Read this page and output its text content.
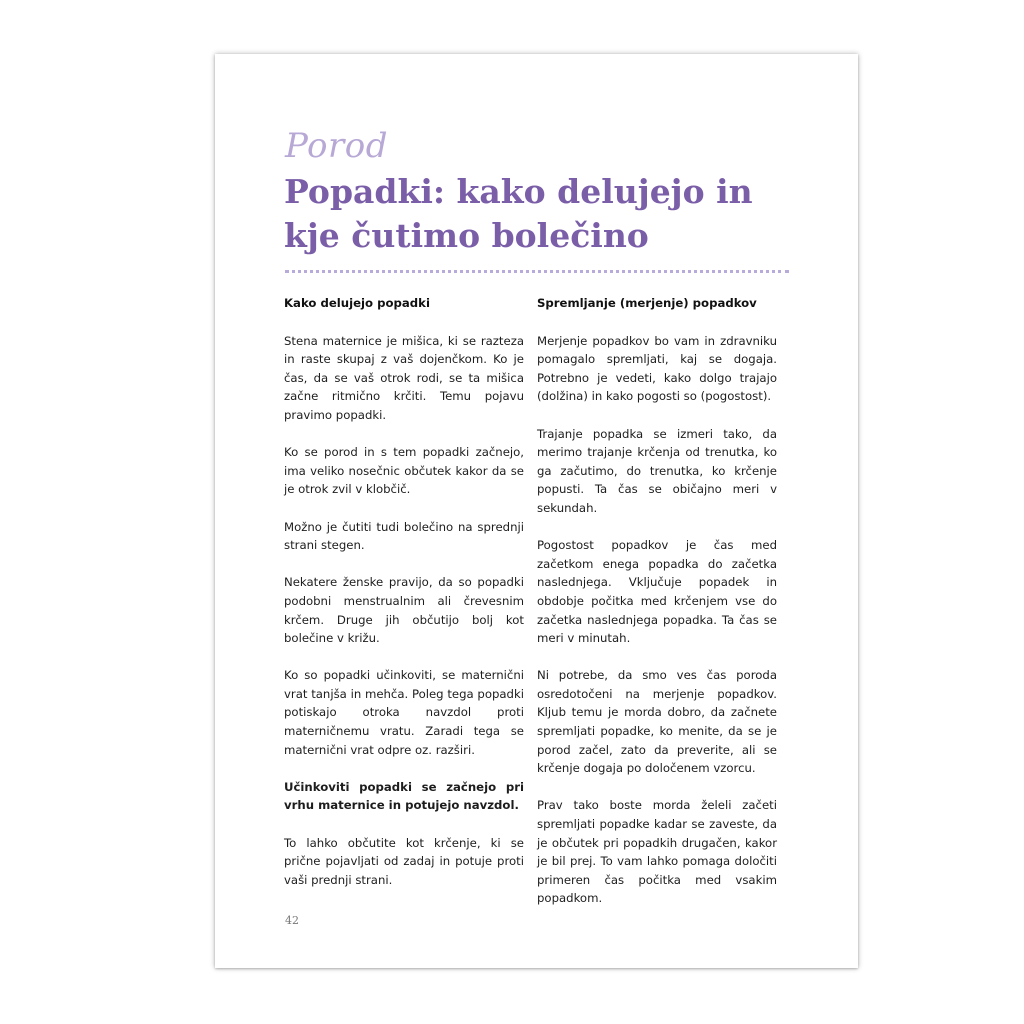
Porod
Popadki: kako delujejo in
kje čutimo bolečino
Kako delujejo popadki

Stena maternice je mišica, ki se razteza in raste skupaj z vaš dojenčkom. Ko je čas, da se vaš otrok rodi, se ta mišica začne ritmično krčiti. Temu pojavu pravimo popadki.

Ko se porod in s tem popadki začnejo, ima veliko nosečnic občutek kakor da se je otrok zvil v klobčič.

Možno je čutiti tudi bolečino na sprednji strani stegen.

Nekatere ženske pravijo, da so popadki podobni menstrualnim ali črevesnim krčem. Druge jih občutijo bolj kot bolečine v križu.

Ko so popadki učinkoviti, se maternični vrat tanjša in mehča. Poleg tega popadki potiskajo otroka navzdol proti materničnemu vratu. Zaradi tega se maternični vrat odpre oz. razširi.

Učinkoviti popadki se začnejo pri vrhu maternice in potujejo navzdol.

To lahko občutite kot krčenje, ki se prične pojavljati od zadaj in potuje proti vaši prednji strani.

Spremljanje (merjenje) popadkov

Merjenje popadkov bo vam in zdravniku pomagalo spremljati, kaj se dogaja. Potrebno je vedeti, kako dolgo trajajo (dolžina) in kako pogosti so (pogostost).

Trajanje popadka se izmeri tako, da merimo trajanje krčenja od trenutka, ko ga začutimo, do trenutka, ko krčenje popusti. Ta čas se običajno meri v sekundah.

Pogostost popadkov je čas med začetkom enega popadka do začetka naslednjega. Vključuje popadek in obdobje počitka med krčenjem vse do začetka naslednjega popadka. Ta čas se meri v minutah.

Ni potrebe, da smo ves čas poroda osredotočeni na merjenje popadkov. Kljub temu je morda dobro, da začnete spremljati popadke, ko menite, da se je porod začel, zato da preverite, ali se krčenje dogaja po določenem vzorcu.

Prav tako boste morda želeli začeti spremljati popadke kadar se zaveste, da je občutek pri popadkih drugačen, kakor je bil prej. To vam lahko pomaga določiti primeren čas počitka med vsakim popadkom.

42
